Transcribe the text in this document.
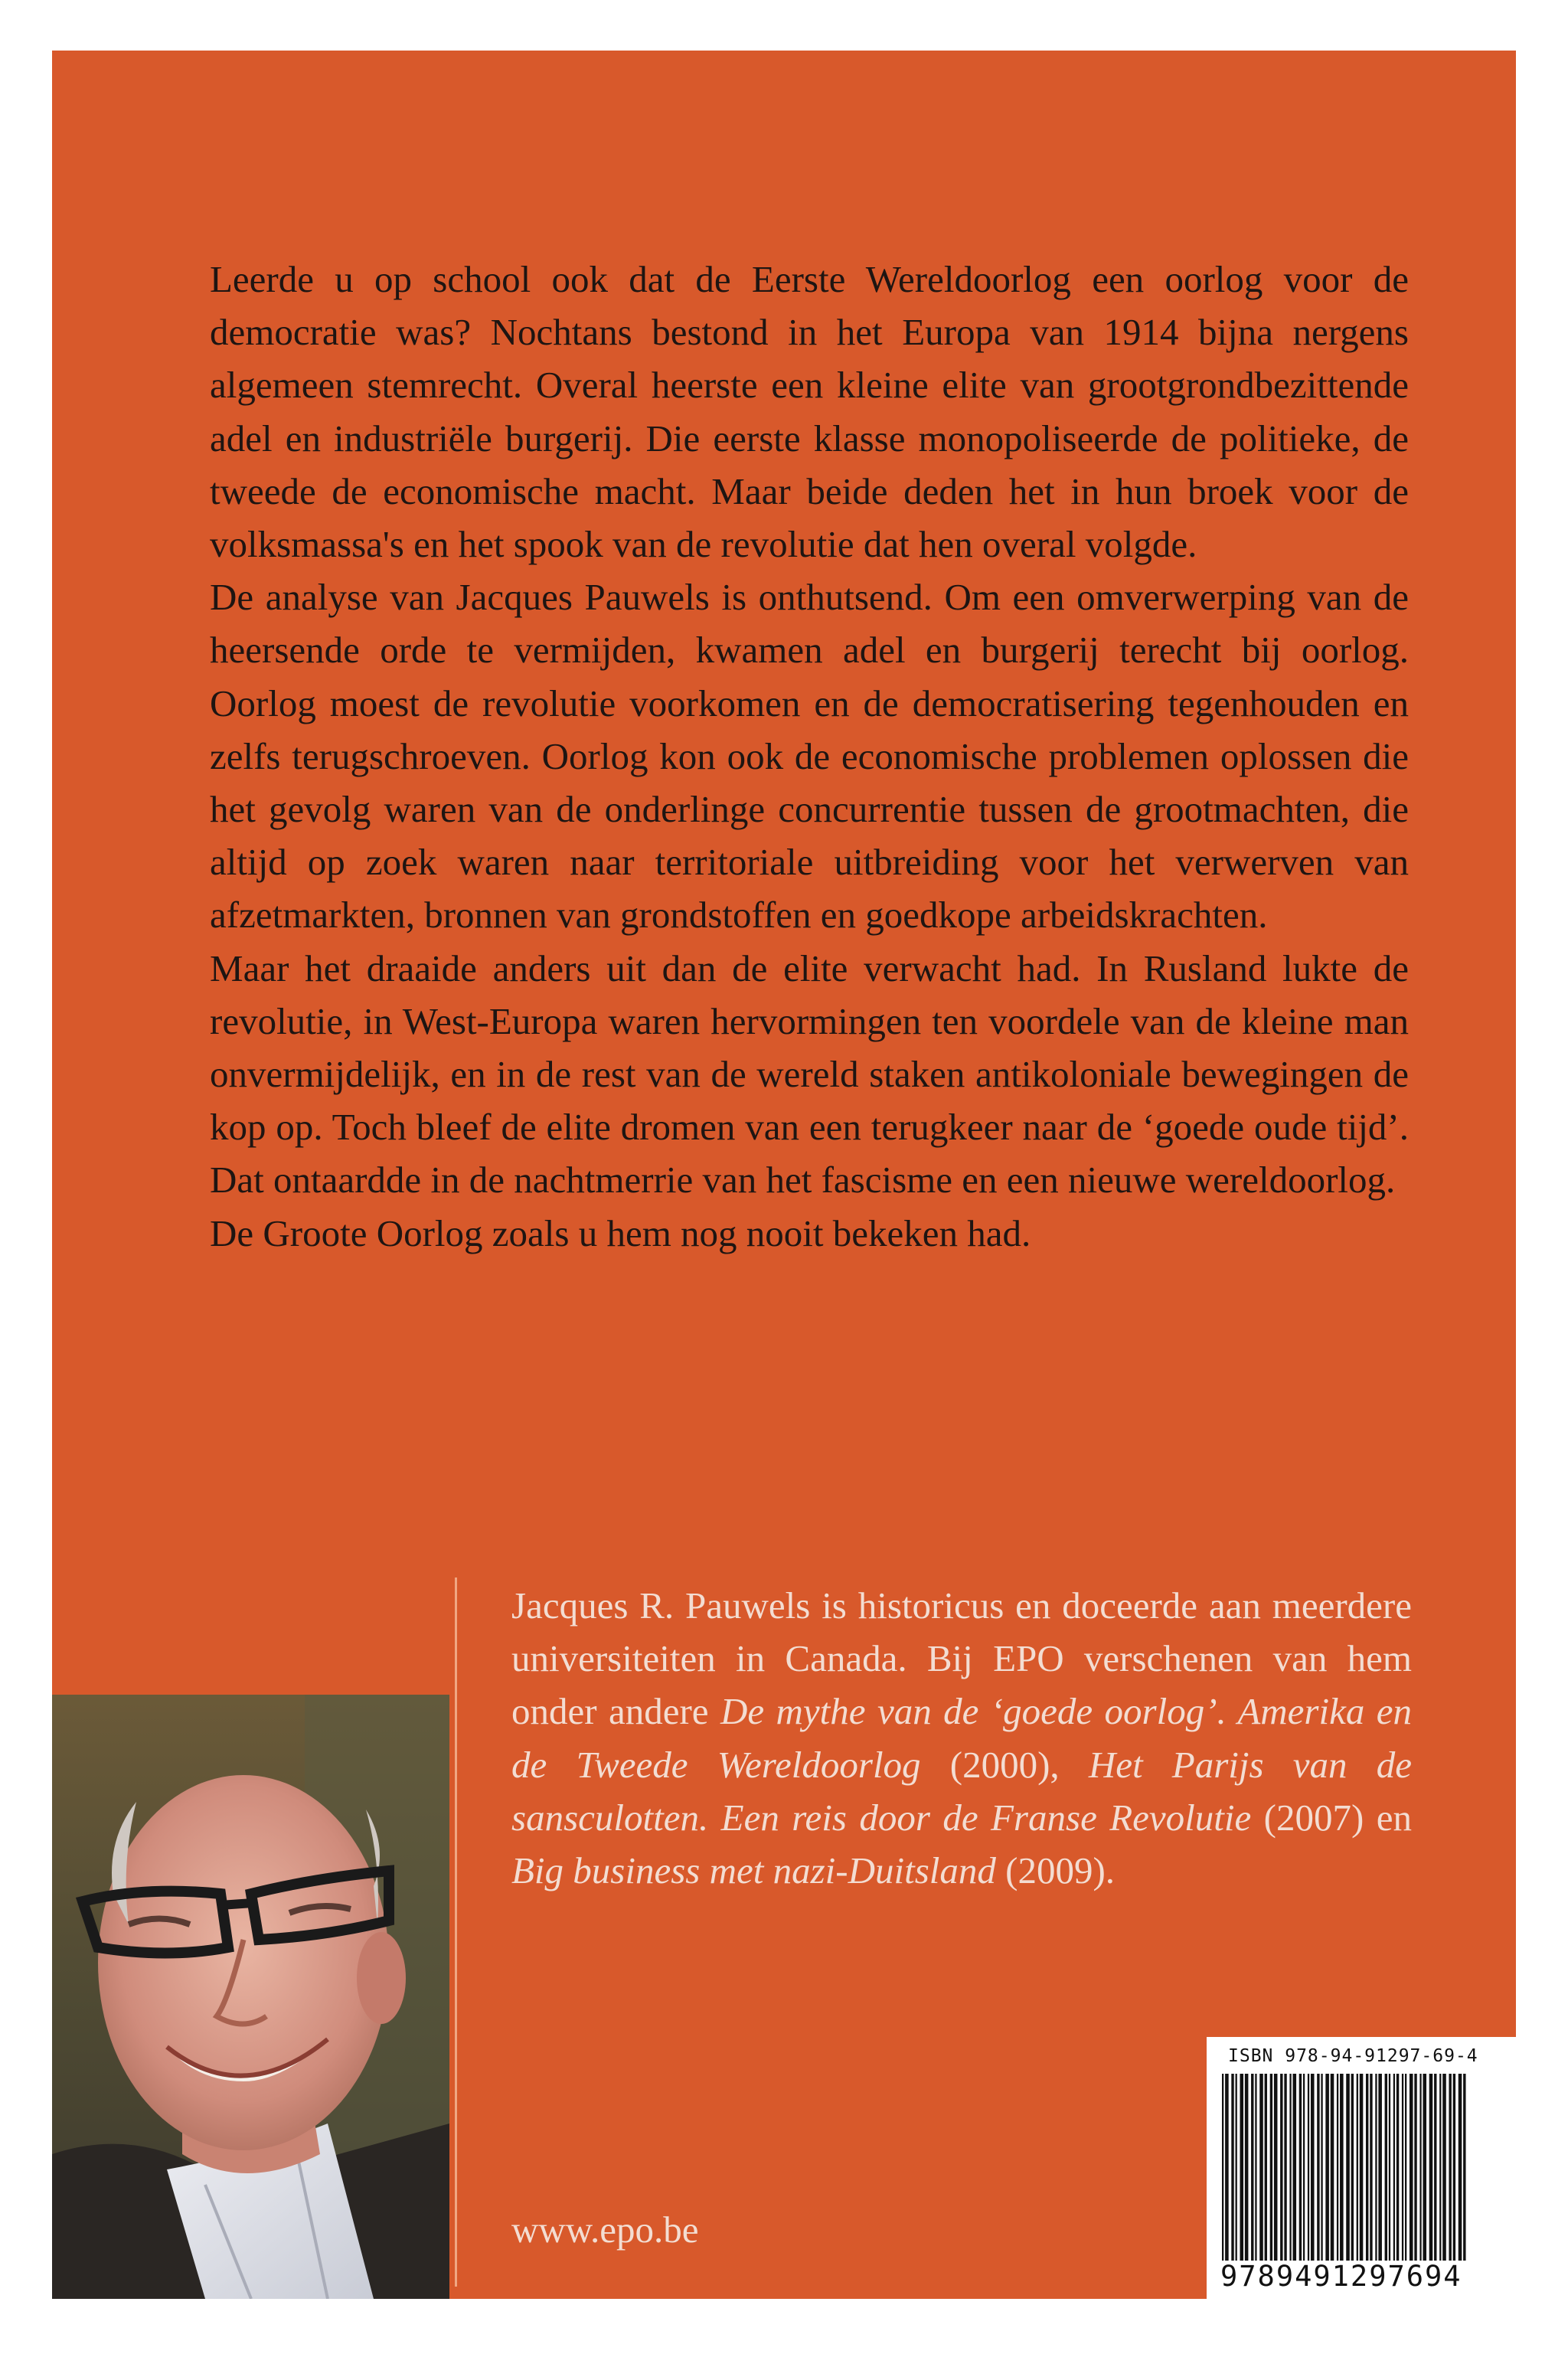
Leerde u op school ook dat de Eerste Wereldoorlog een oorlog voor de democratie was? Nochtans bestond in het Europa van 1914 bijna nergens algemeen stemrecht. Overal heerste een kleine elite van grootgrondbezittende adel en industriële burgerij. Die eerste klasse monopoliseerde de politieke, de tweede de economische macht. Maar beide deden het in hun broek voor de volksmassa's en het spook van de revolutie dat hen overal volgde.

De analyse van Jacques Pauwels is onthutsend. Om een omverwerping van de heersende orde te vermijden, kwamen adel en burgerij terecht bij oorlog. Oorlog moest de revolutie voorkomen en de democratisering tegenhouden en zelfs terugschroeven. Oorlog kon ook de economische problemen oplossen die het gevolg waren van de onderlinge concurrentie tussen de grootmachten, die altijd op zoek waren naar territoriale uitbreiding voor het verwerven van afzetmarkten, bronnen van grondstoffen en goedkope arbeidskrachten.

Maar het draaide anders uit dan de elite verwacht had. In Rusland lukte de revolutie, in West-Europa waren hervormingen ten voordele van de kleine man onvermijdelijk, en in de rest van de wereld staken antikoloniale bewegingen de kop op. Toch bleef de elite dromen van een terugkeer naar de ‘goede oude tijd’. Dat ontaardde in de nachtmerrie van het fascisme en een nieuwe wereldoorlog.

De Groote Oorlog zoals u hem nog nooit bekeken had.

Jacques R. Pauwels is historicus en doceerde aan meerdere universiteiten in Canada. Bij EPO verschenen van hem onder andere De mythe van de ‘goede oorlog’. Amerika en de Tweede Wereldoorlog (2000), Het Parijs van de sansculotten. Een reis door de Franse Revolutie (2007) en Big business met nazi-Duitsland (2009).

www.epo.be
ISBN 978-94-91297-69-4
9789491297694
